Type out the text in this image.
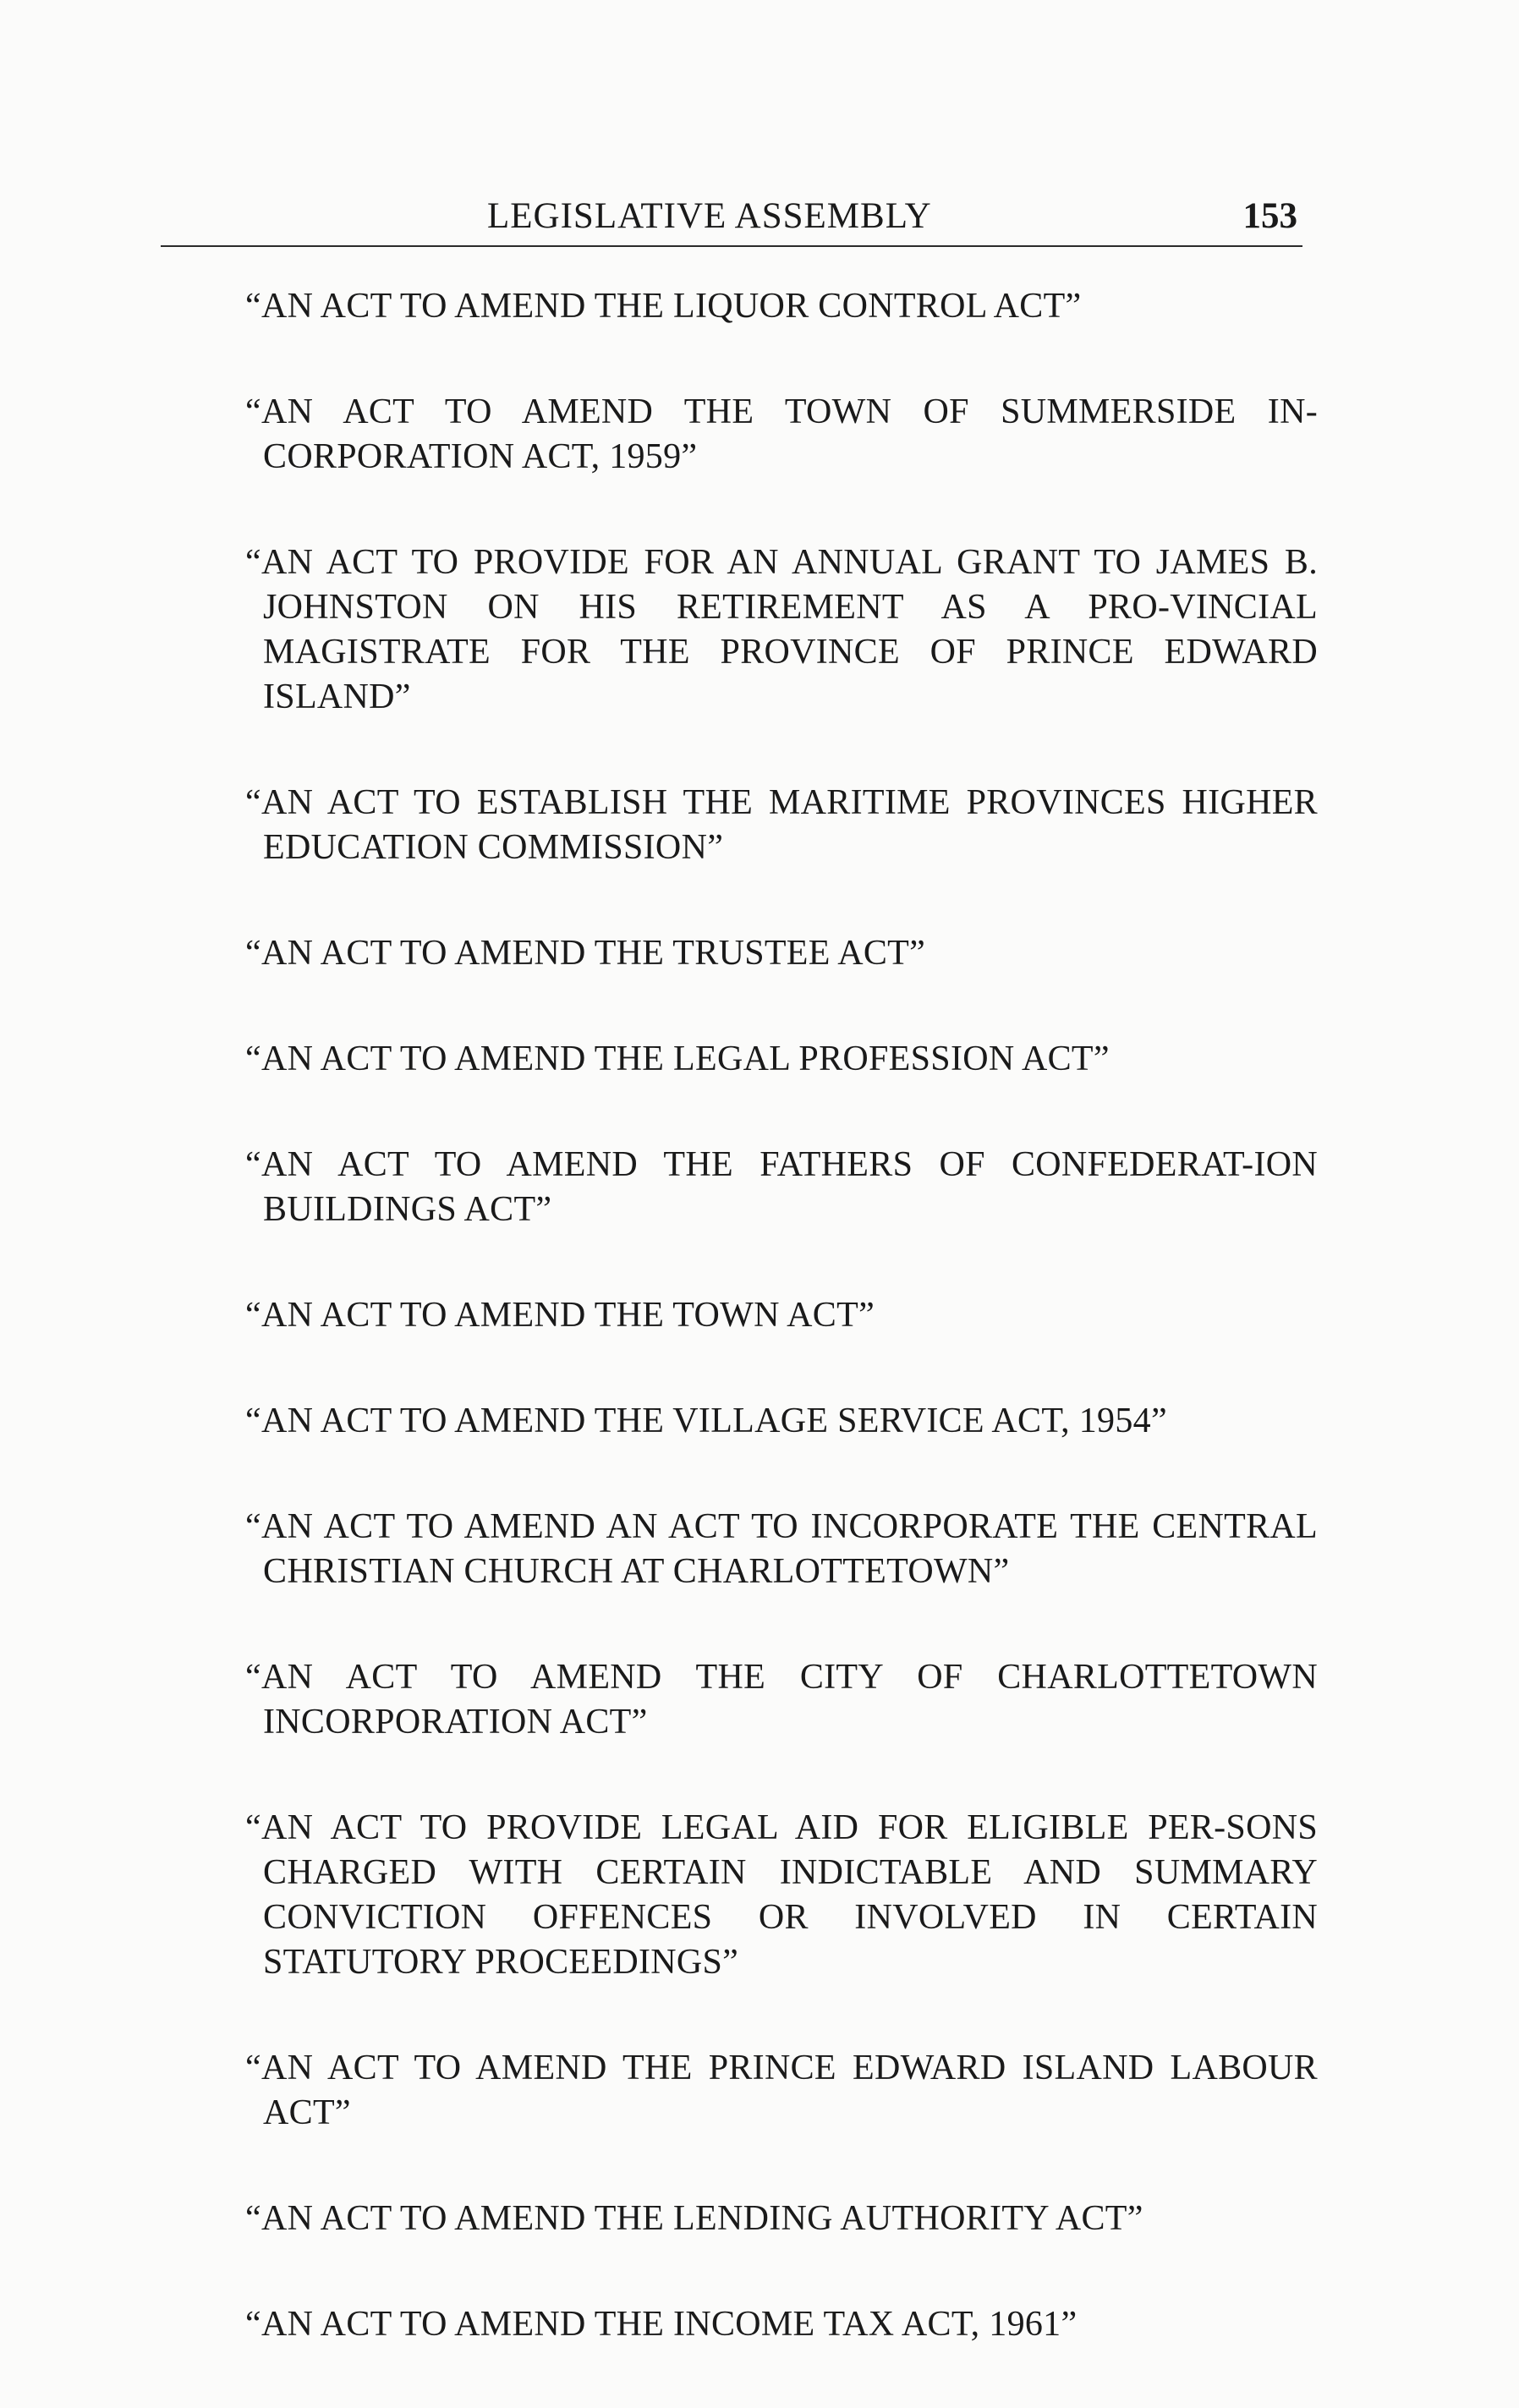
LEGISLATIVE ASSEMBLY	153

“AN ACT TO AMEND THE LIQUOR CONTROL ACT”

“AN ACT TO AMEND THE TOWN OF SUMMERSIDE IN-CORPORATION ACT, 1959”

“AN ACT TO PROVIDE FOR AN ANNUAL GRANT TO JAMES B. JOHNSTON ON HIS RETIREMENT AS A PRO-VINCIAL MAGISTRATE FOR THE PROVINCE OF PRINCE EDWARD ISLAND”

“AN ACT TO ESTABLISH THE MARITIME PROVINCES HIGHER EDUCATION COMMISSION”

“AN ACT TO AMEND THE TRUSTEE ACT”

“AN ACT TO AMEND THE LEGAL PROFESSION ACT”

“AN ACT TO AMEND THE FATHERS OF CONFEDERAT-ION BUILDINGS ACT”

“AN ACT TO AMEND THE TOWN ACT”

“AN ACT TO AMEND THE VILLAGE SERVICE ACT, 1954”

“AN ACT TO AMEND AN ACT TO INCORPORATE THE CENTRAL CHRISTIAN CHURCH AT CHARLOTTETOWN”

“AN ACT TO AMEND THE CITY OF CHARLOTTETOWN INCORPORATION ACT”

“AN ACT TO PROVIDE LEGAL AID FOR ELIGIBLE PER-SONS CHARGED WITH CERTAIN INDICTABLE AND SUMMARY CONVICTION OFFENCES OR INVOLVED IN CERTAIN STATUTORY PROCEEDINGS”

“AN ACT TO AMEND THE PRINCE EDWARD ISLAND LABOUR ACT”

“AN ACT TO AMEND THE LENDING AUTHORITY ACT”

“AN ACT TO AMEND THE INCOME TAX ACT, 1961”
